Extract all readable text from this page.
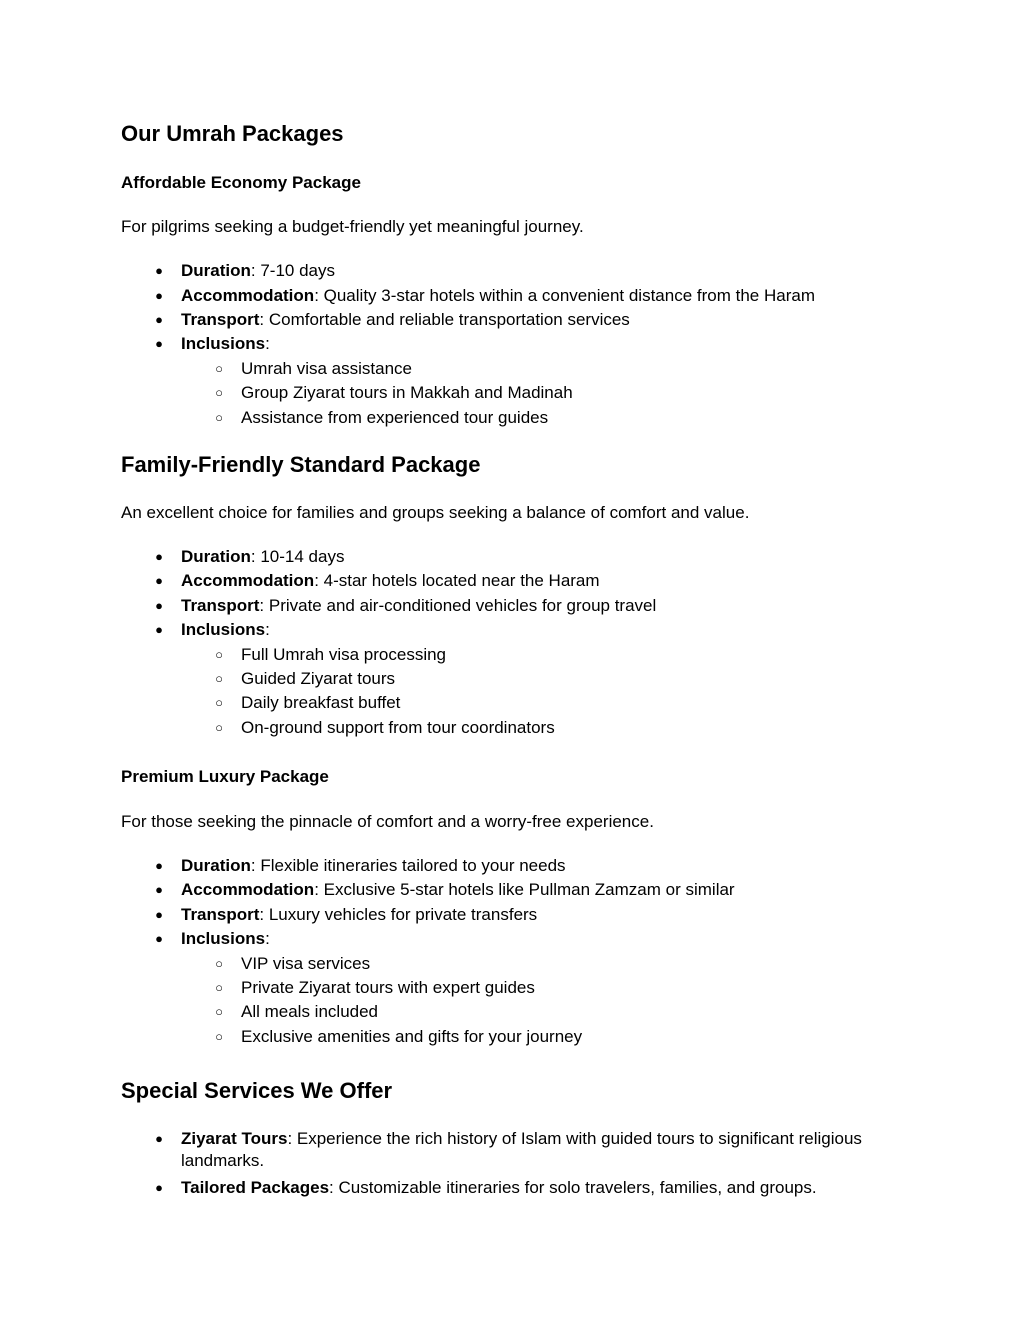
Our Umrah Packages
Affordable Economy Package
For pilgrims seeking a budget-friendly yet meaningful journey.
● Duration: 7-10 days
● Accommodation: Quality 3-star hotels within a convenient distance from the Haram
● Transport: Comfortable and reliable transportation services
● Inclusions:
○ Umrah visa assistance
○ Group Ziyarat tours in Makkah and Madinah
○ Assistance from experienced tour guides
Family-Friendly Standard Package
An excellent choice for families and groups seeking a balance of comfort and value.
● Duration: 10-14 days
● Accommodation: 4-star hotels located near the Haram
● Transport: Private and air-conditioned vehicles for group travel
● Inclusions:
○ Full Umrah visa processing
○ Guided Ziyarat tours
○ Daily breakfast buffet
○ On-ground support from tour coordinators
Premium Luxury Package
For those seeking the pinnacle of comfort and a worry-free experience.
● Duration: Flexible itineraries tailored to your needs
● Accommodation: Exclusive 5-star hotels like Pullman Zamzam or similar
● Transport: Luxury vehicles for private transfers
● Inclusions:
○ VIP visa services
○ Private Ziyarat tours with expert guides
○ All meals included
○ Exclusive amenities and gifts for your journey
Special Services We Offer
● Ziyarat Tours: Experience the rich history of Islam with guided tours to significant religious landmarks.
● Tailored Packages: Customizable itineraries for solo travelers, families, and groups.
